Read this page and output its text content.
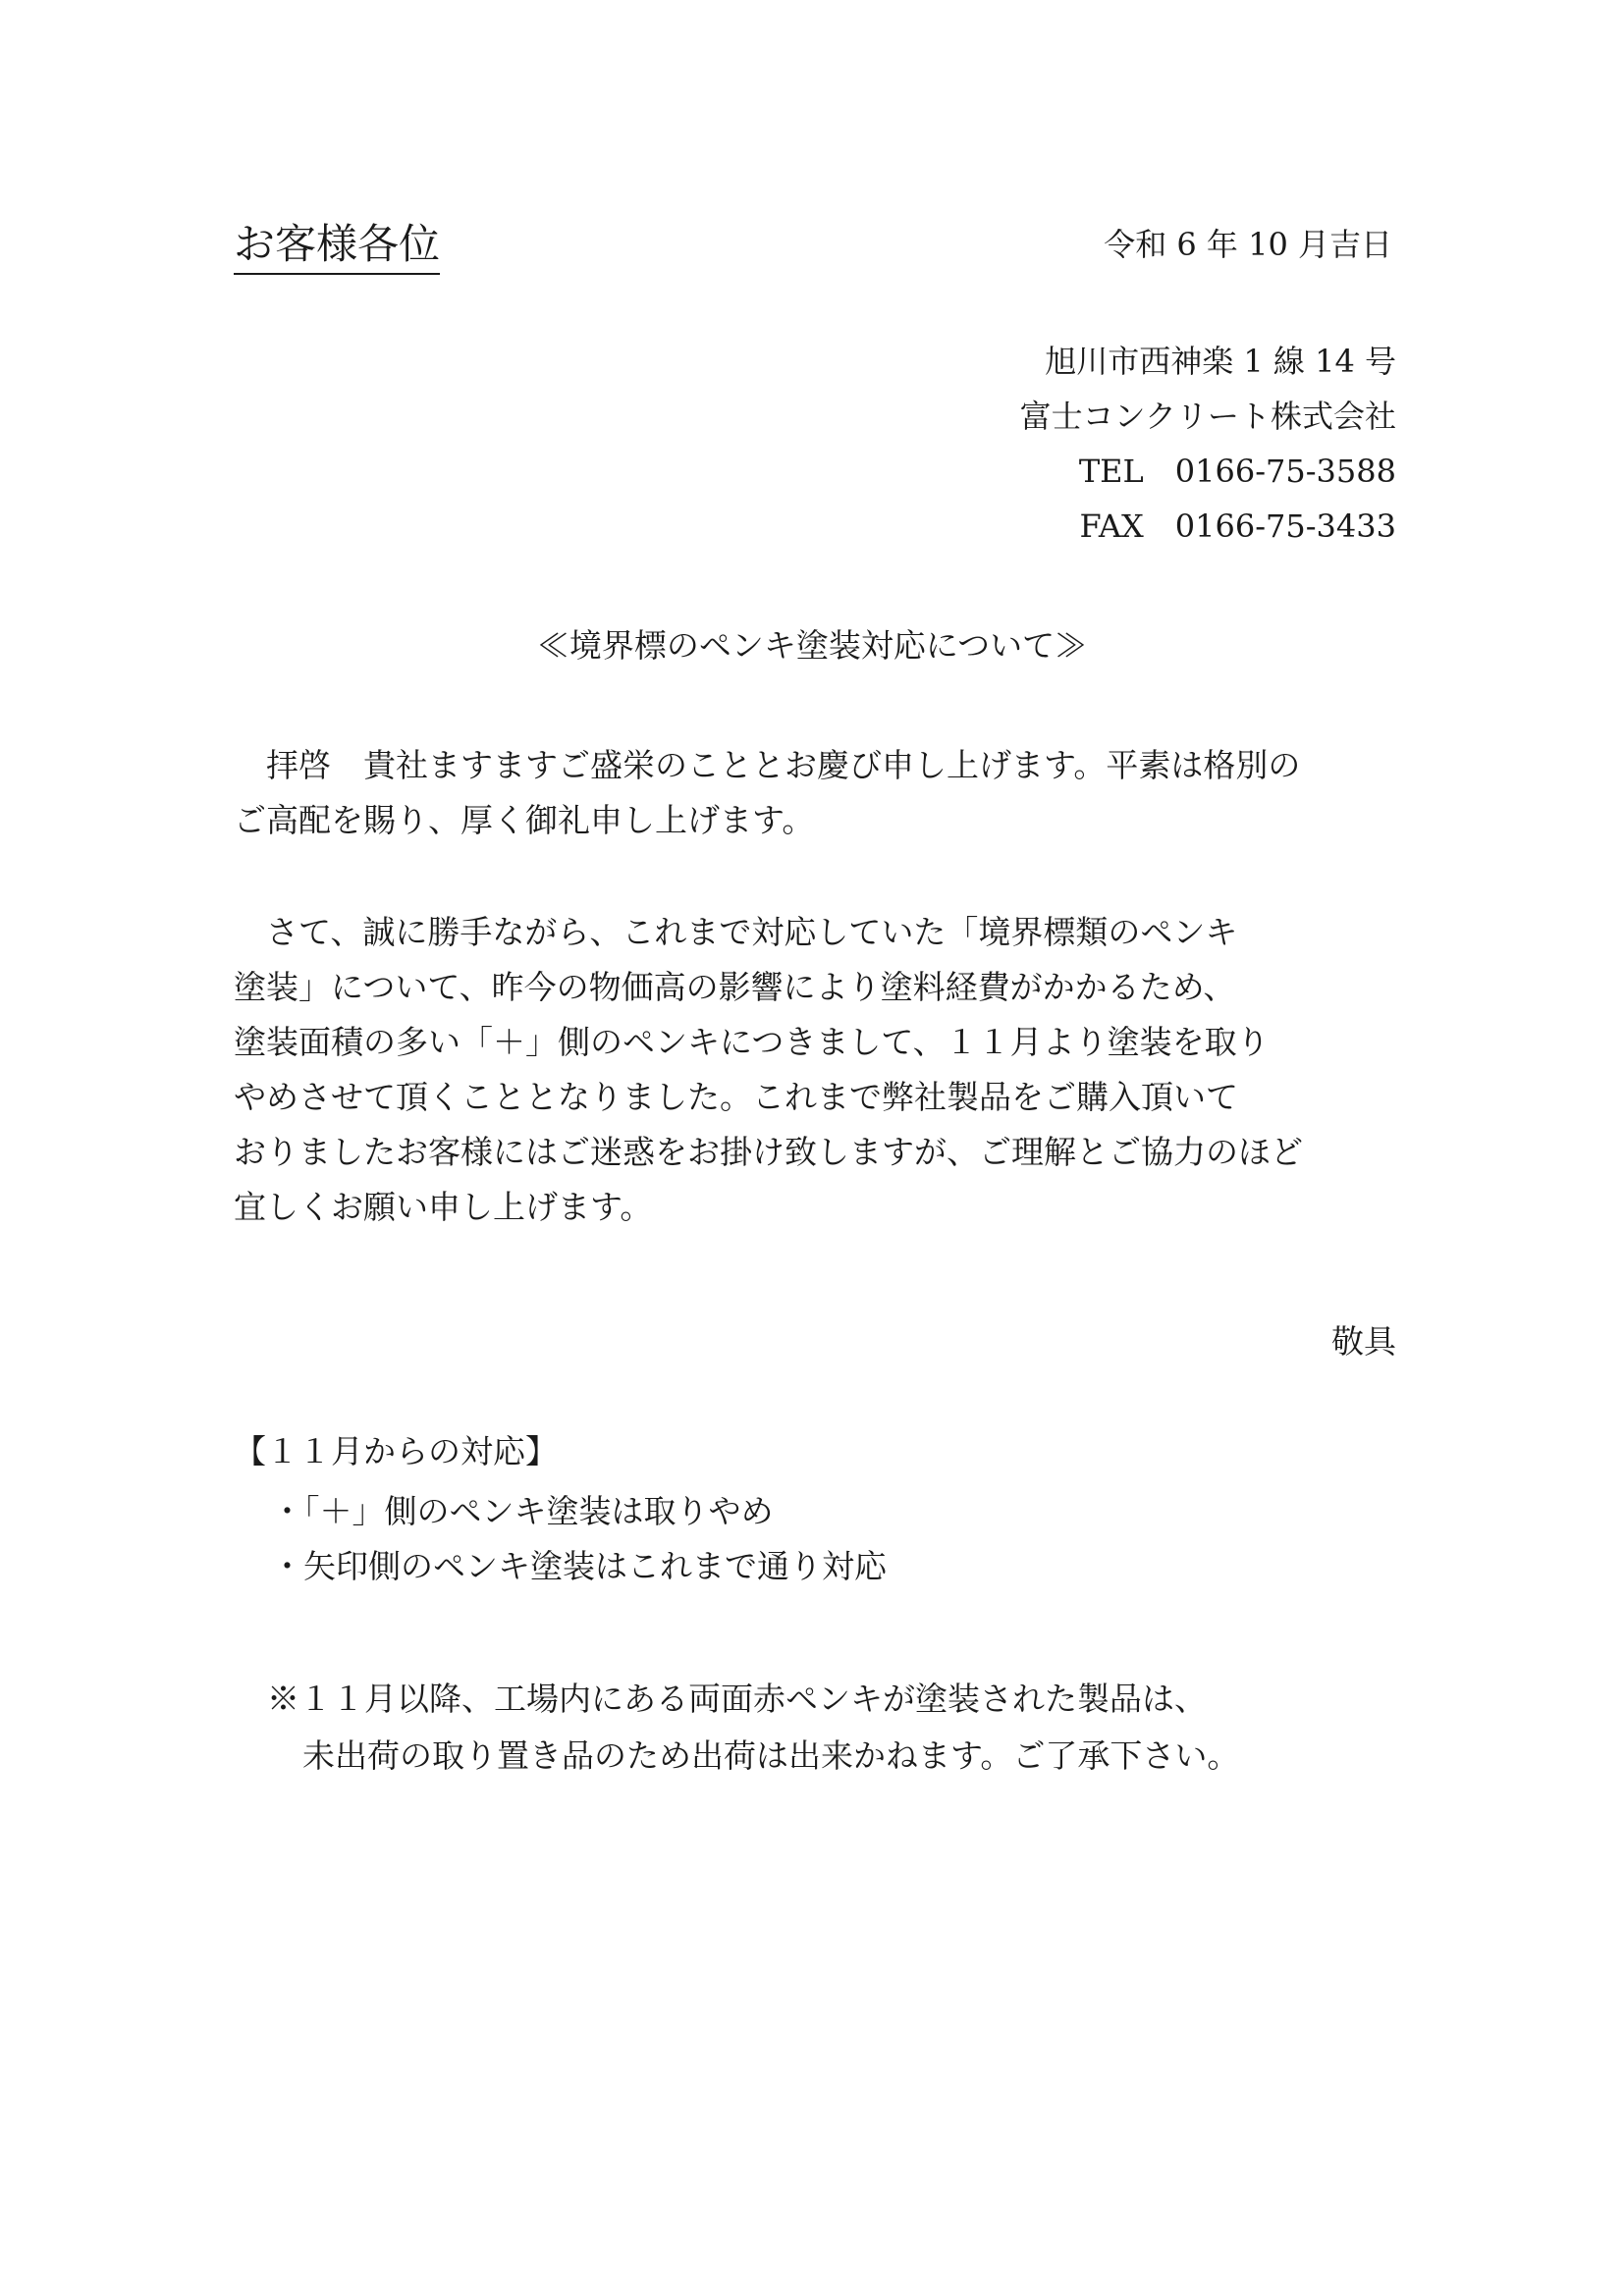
お客様各位	令和 6 年 10 月吉日
旭川市西神楽 1 線 14 号
富士コンクリート株式会社
TEL　0166-75-3588
FAX　0166-75-3433
≪境界標のペンキ塗装対応について≫
　拝啓　貴社ますますご盛栄のこととお慶び申し上げます。平素は格別の
ご高配を賜り、厚く御礼申し上げます。
　さて、誠に勝手ながら、これまで対応していた「境界標類のペンキ
塗装」について、昨今の物価高の影響により塗料経費がかかるため、
塗装面積の多い「＋」側のペンキにつきまして、１１月より塗装を取り
やめさせて頂くこととなりました。これまで弊社製品をご購入頂いて
おりましたお客様にはご迷惑をお掛け致しますが、ご理解とご協力のほど
宜しくお願い申し上げます。
敬具
【１１月からの対応】
・「＋」側のペンキ塗装は取りやめ
・矢印側のペンキ塗装はこれまで通り対応
※１１月以降、工場内にある両面赤ペンキが塗装された製品は、
未出荷の取り置き品のため出荷は出来かねます。ご了承下さい。
